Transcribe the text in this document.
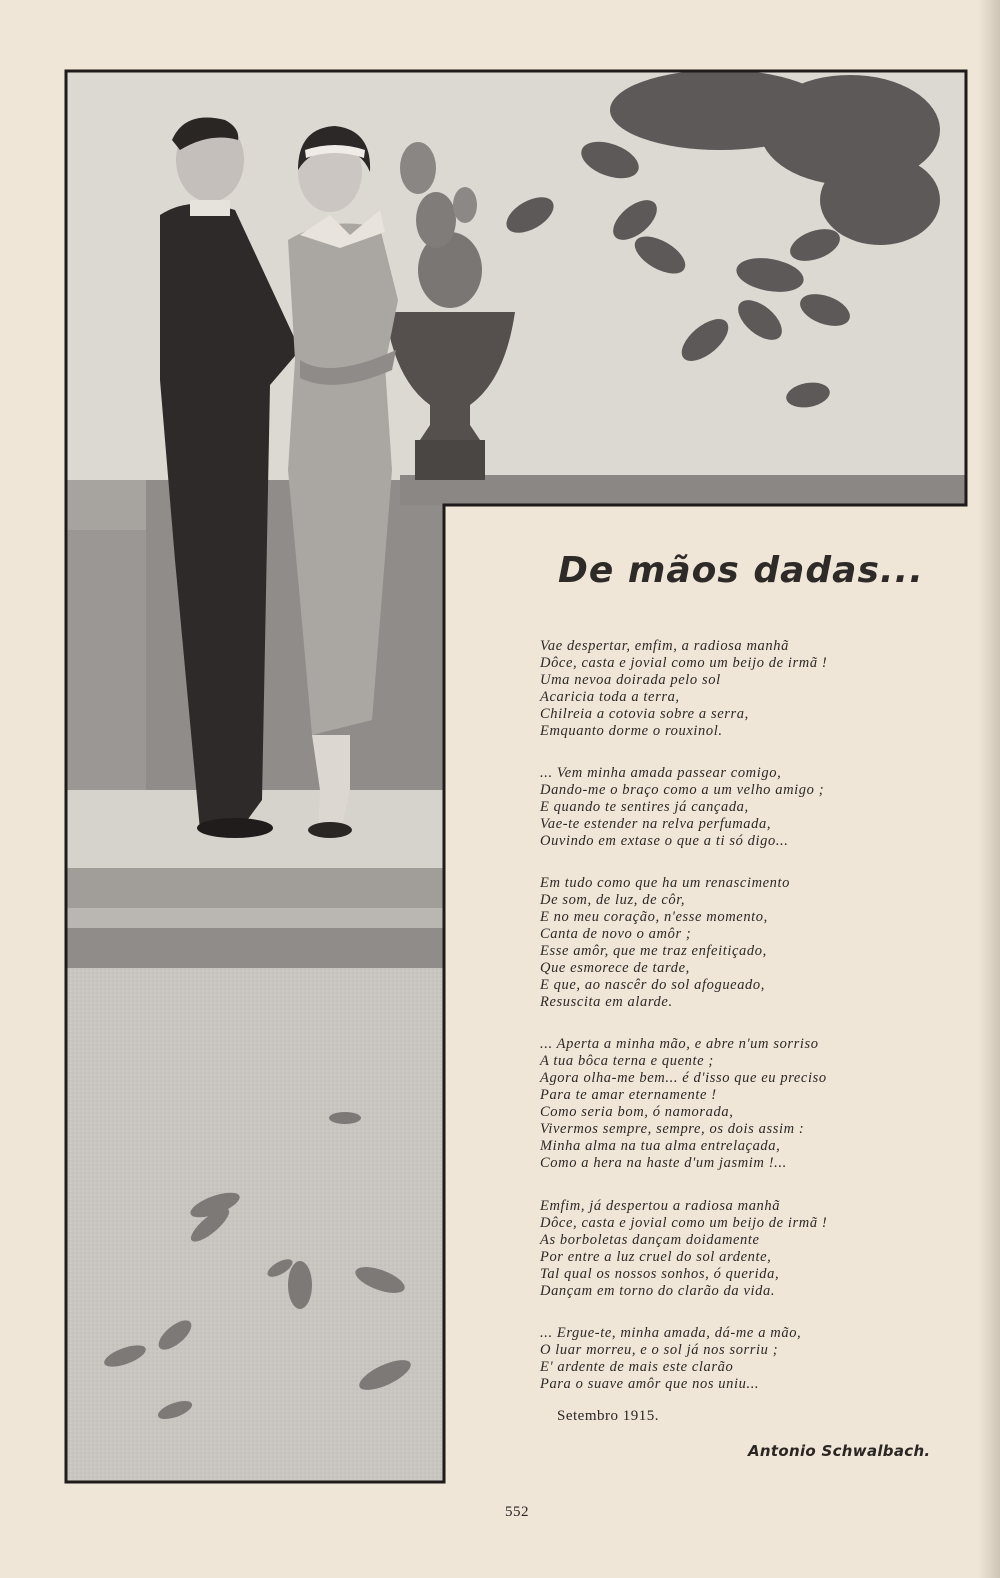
De mãos dadas...
Vae despertar, emfim, a radiosa manhã
Dôce, casta e jovial como um beijo de irmã !
Uma nevoa doirada pelo sol
Acaricia toda a terra,
Chilreia a cotovia sobre a serra,
Emquanto dorme o rouxinol.
... Vem minha amada passear comigo,
Dando-me o braço como a um velho amigo ;
E quando te sentires já cançada,
Vae-te estender na relva perfumada,
Ouvindo em extase o que a ti só digo...
Em tudo como que ha um renascimento
De som, de luz, de côr,
E no meu coração, n'esse momento,
Canta de novo o amôr ;
Esse amôr, que me traz enfeitiçado,
Que esmorece de tarde,
E que, ao nascêr do sol afogueado,
Resuscita em alarde.
... Aperta a minha mão, e abre n'um sorriso
A tua bôca terna e quente ;
Agora olha-me bem... é d'isso que eu preciso
Para te amar eternamente !
Como seria bom, ó namorada,
Vivermos sempre, sempre, os dois assim :
Minha alma na tua alma entrelaçada,
Como a hera na haste d'um jasmim !...
Emfim, já despertou a radiosa manhã
Dôce, casta e jovial como um beijo de irmã !
As borboletas dançam doidamente
Por entre a luz cruel do sol ardente,
Tal qual os nossos sonhos, ó querida,
Dançam em torno do clarão da vida.
... Ergue-te, minha amada, dá-me a mão,
O luar morreu, e o sol já nos sorriu ;
E' ardente de mais este clarão
Para o suave amôr que nos uniu...
Setembro 1915.
Antonio Schwalbach.
552
